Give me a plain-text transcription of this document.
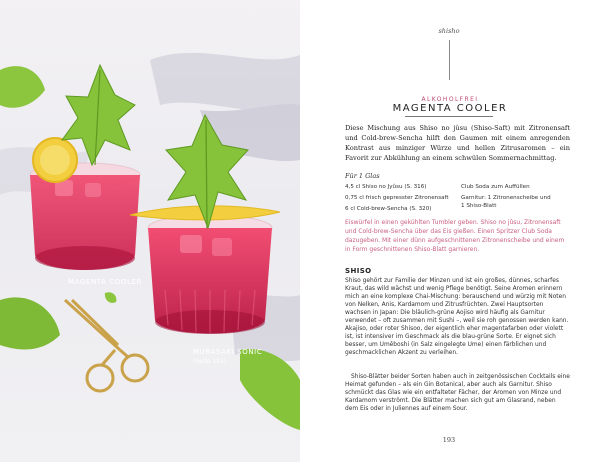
MAGENTA COOLER
MURASAKI SONIC
(Seite 191)
shisho
ALKOHOLFREI
MAGENTA COOLER
Diese Mischung aus Shiso no jûsu (Shiso-Saft) mit Zitronensaft und Cold-brew-Sencha hilft den Gaumen mit einem anregenden Kontrast aus minziger Würze und hellen Zitrusaromen – ein Favorit zur Abkühlung an einem schwülen Sommernachmittag.
Für 1 Glas
4,5 cl Shiso no Jyûsu (S. 316)
0,75 cl frisch gepresster Zitronensaft
6 cl Cold-brew-Sencha (S. 320)
Club Soda zum Auffüllen
Garnitur: 1 Zitronenscheibe und
1 Shiso-Blatt
Eiswürfel in einen gekühlten Tumbler geben. Shiso no jûsu, Zitronensaft und Cold-brew-Sencha über das Eis gießen. Einen Spritzer Club Soda dazugeben. Mit einer dünn aufgeschnittenen Zitronenscheibe und einem in Form geschnittenen Shiso-Blatt garnieren.
SHISO

Shiso gehört zur Familie der Minzen und ist ein großes, dünnes, scharfes Kraut, das wild wächst und wenig Pflege benötigt. Seine Aromen erinnern mich an eine komplexe Chai-Mischung: berauschend und würzig mit Noten von Nelken, Anis, Kardamom und Zitrusfrüchten. Zwei Hauptsorten wachsen in Japan: Die bläulich-grüne Aojiso wird häufig als Garnitur verwendet – oft zusammen mit Sushi –, weil sie roh genossen werden kann. Akajiso, oder roter Shisoo, der eigentlich eher magentafarben oder violett ist, ist intensiver im Geschmack als die blau-grüne Sorte. Er eignet sich besser, um Umêboshi (in Salz eingelegte Ume) einen färblichen und geschmacklichen Akzent zu verleihen.

Shiso-Blätter beider Sorten haben auch in zeitgenössischen Cocktails eine Heimat gefunden – als ein Gin Botanical, aber auch als Garnitur. Shiso schmückt das Glas wie ein entfalteter Fächer, der Aromen von Minze und Kardamom verströmt. Die Blätter machen sich gut am Glasrand, neben dem Eis oder in Juliennes auf einem Sour.

193
